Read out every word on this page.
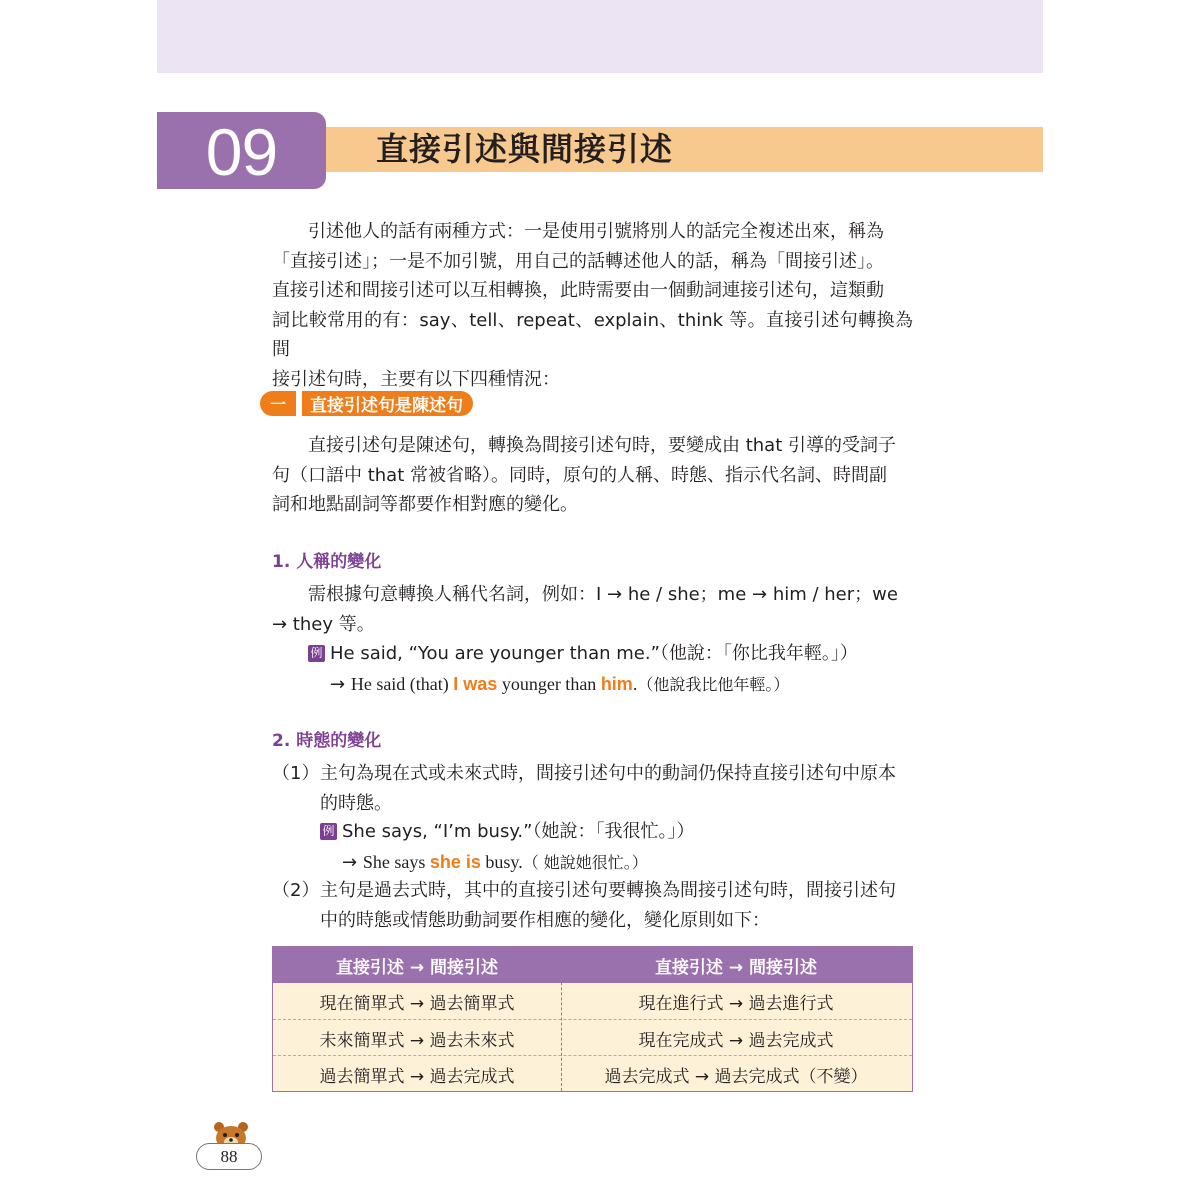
09	直接引述與間接引述
引述他人的話有兩種方式：一是使用引號將別人的話完全複述出來，稱為
「直接引述」；一是不加引號，用自己的話轉述他人的話，稱為「間接引述」。
直接引述和間接引述可以互相轉換，此時需要由一個動詞連接引述句，這類動
詞比較常用的有：say、tell、repeat、explain、think 等。直接引述句轉換為間
接引述句時，主要有以下四種情況：
一	直接引述句是陳述句
直接引述句是陳述句，轉換為間接引述句時，要變成由 that 引導的受詞子
句（口語中 that 常被省略）。同時，原句的人稱、時態、指示代名詞、時間副
詞和地點副詞等都要作相對應的變化。
1. 人稱的變化
需根據句意轉換人稱代名詞，例如：I → he / she；me → him / her；we
→ they 等。
例 He said, “You are younger than me.”（他說：「你比我年輕。」）
→ He said (that) I was younger than him.（他說我比他年輕。）
2. 時態的變化
（1） 主句為現在式或未來式時，間接引述句中的動詞仍保持直接引述句中原本
的時態。
例 She says, “I’m busy.”（她說：「我很忙。」）
→ She says she is busy.（ 她說她很忙。）
（2） 主句是過去式時，其中的直接引述句要轉換為間接引述句時，間接引述句
中的時態或情態助動詞要作相應的變化，變化原則如下：
直接引述 → 間接引述	直接引述 → 間接引述
現在簡單式 → 過去簡單式	現在進行式 → 過去進行式
未來簡單式 → 過去未來式	現在完成式 → 過去完成式
過去簡單式 → 過去完成式	過去完成式 → 過去完成式（不變）
88
